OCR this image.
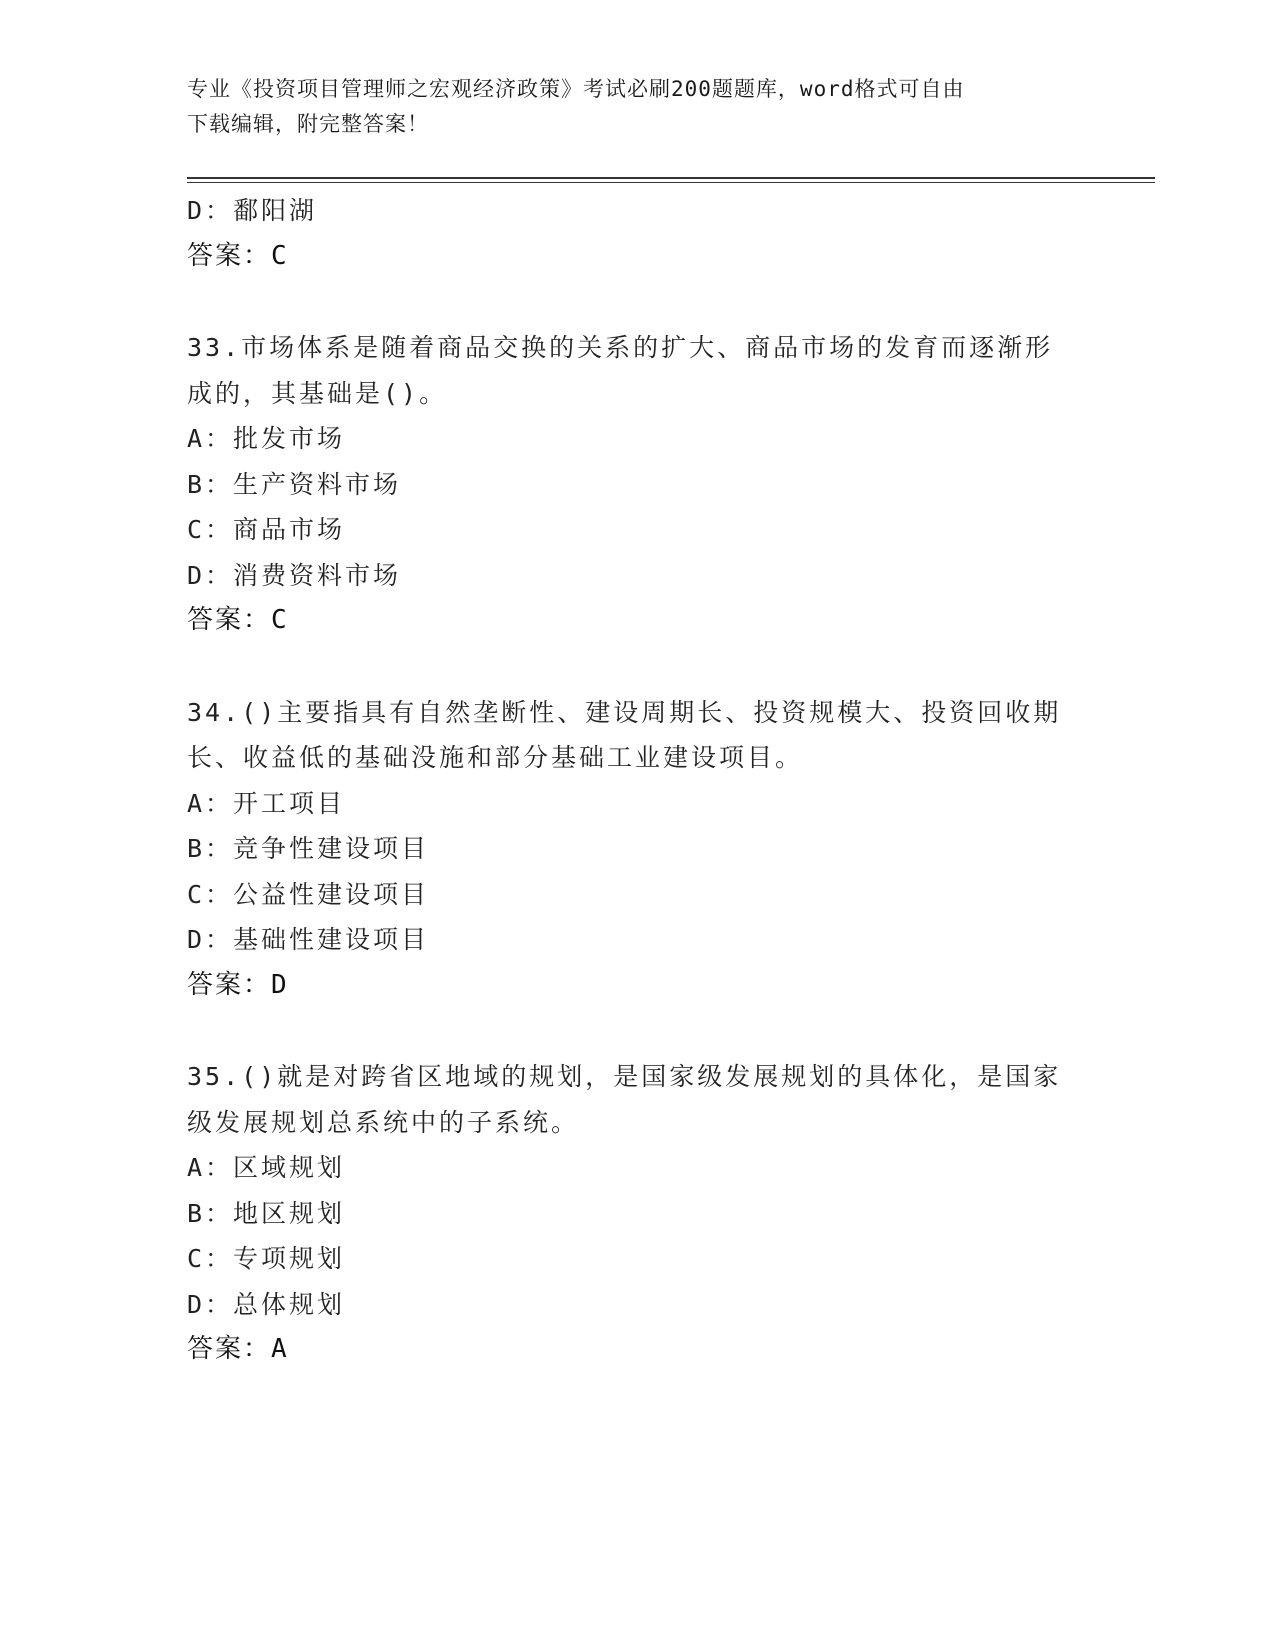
专业《投资项目管理师之宏观经济政策》考试必刷200题题库，word格式可自由
下载编辑，附完整答案！
D：鄱阳湖
答案：C
33.市场体系是随着商品交换的关系的扩大、商品市场的发育而逐渐形
成的，其基础是()。
A：批发市场
B：生产资料市场
C：商品市场
D：消费资料市场
答案：C
34.()主要指具有自然垄断性、建设周期长、投资规模大、投资回收期
长、收益低的基础没施和部分基础工业建设项目。
A：开工项目
B：竞争性建设项目
C：公益性建设项目
D：基础性建设项目
答案：D
35.()就是对跨省区地域的规划，是国家级发展规划的具体化，是国家
级发展规划总系统中的子系统。
A：区域规划
B：地区规划
C：专项规划
D：总体规划
答案：A
